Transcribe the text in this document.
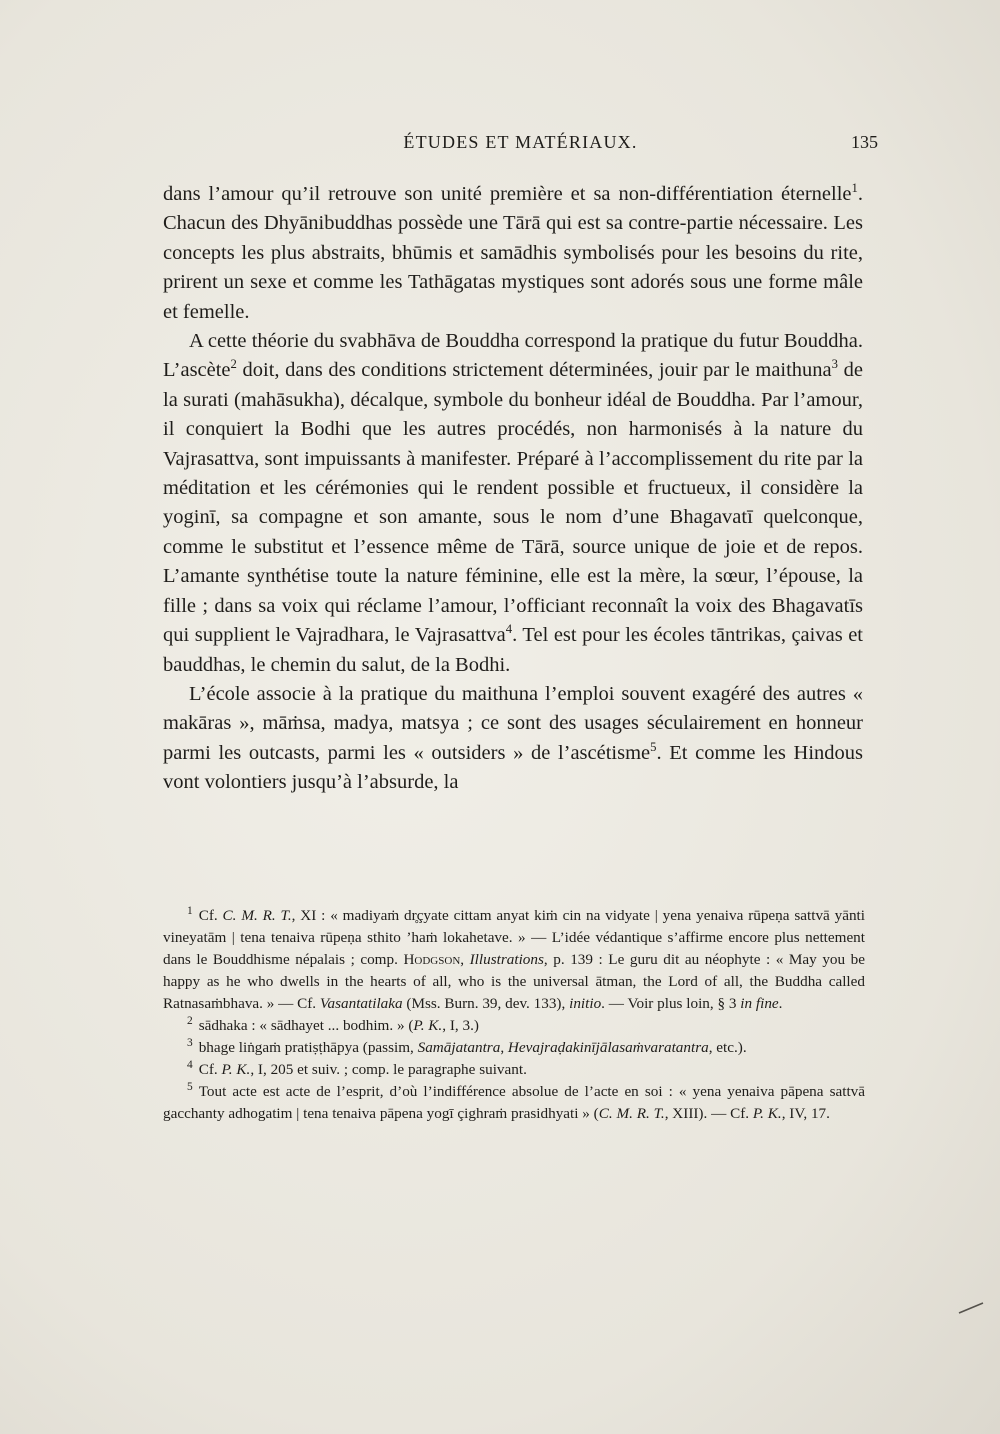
ÉTUDES ET MATÉRIAUX.	135

dans l’amour qu’il retrouve son unité première et sa non-différentiation éternelle$^1$. Chacun des Dhyānibuddhas possède une Tārā qui est sa contre-partie nécessaire. Les concepts les plus abstraits, bhūmis et samādhis symbolisés pour les besoins du rite, prirent un sexe et comme les Tathāgatas mystiques sont adorés sous une forme mâle et femelle.

A cette théorie du svabhāva de Bouddha correspond la pratique du futur Bouddha. L’ascète$^2$ doit, dans des conditions strictement déterminées, jouir par le maithuna$^3$ de la surati (mahāsukha), décalque, symbole du bonheur idéal de Bouddha. Par l’amour, il conquiert la Bodhi que les autres procédés, non harmonisés à la nature du Vajrasattva, sont impuissants à manifester. Préparé à l’accomplissement du rite par la méditation et les cérémonies qui le rendent possible et fructueux, il considère la yoginī, sa compagne et son amante, sous le nom d’une Bhagavatī quelconque, comme le substitut et l’essence même de Tārā, source unique de joie et de repos. L’amante synthétise toute la nature féminine, elle est la mère, la sœur, l’épouse, la fille ; dans sa voix qui réclame l’amour, l’officiant reconnaît la voix des Bhagavatīs qui supplient le Vajradhara, le Vajrasattva$^4$. Tel est pour les écoles tāntrikas, çaivas et bauddhas, le chemin du salut, de la Bodhi.

L’école associe à la pratique du maithuna l’emploi souvent exagéré des autres « makāras », māṁsa, madya, matsya ; ce sont des usages séculairement en honneur parmi les outcasts, parmi les « outsiders » de l’ascétisme$^5$. Et comme les Hindous vont volontiers jusqu’à l’absurde, la

$^1$ Cf. C. M. R. T., XI : « madiyaṁ dr̥çyate cittam anyat kiṁ cin na vidyate | yena yenaiva rūpeṇa sattvā yānti vineyatām | tena tenaiva rūpeṇa sthito ’haṁ lokahetave. » — L’idée védantique s’affirme encore plus nettement dans le Bouddhisme népalais ; comp. Hodgson, Illustrations, p. 139 : Le guru dit au néophyte : « May you be happy as he who dwells in the hearts of all, who is the universal ātman, the Lord of all, the Buddha called Ratnasaṁbhava. » — Cf. Vasantatilaka (Mss. Burn. 39, dev. 133), initio. — Voir plus loin, § 3 in fine.

$^2$ sādhaka : « sādhayet ... bodhim. » (P. K., I, 3.)

$^3$ bhage liṅgaṁ pratiṣṭhāpya (passim, Samājatantra, Hevajraḍakinījālasaṁvaratantra, etc.).

$^4$ Cf. P. K., I, 205 et suiv. ; comp. le paragraphe suivant.

$^5$ Tout acte est acte de l’esprit, d’où l’indifférence absolue de l’acte en soi : « yena yenaiva pāpena sattvā gacchanty adhogatim | tena tenaiva pāpena yogī çighraṁ prasidhyati » (C. M. R. T., XIII). — Cf. P. K., IV, 17.
